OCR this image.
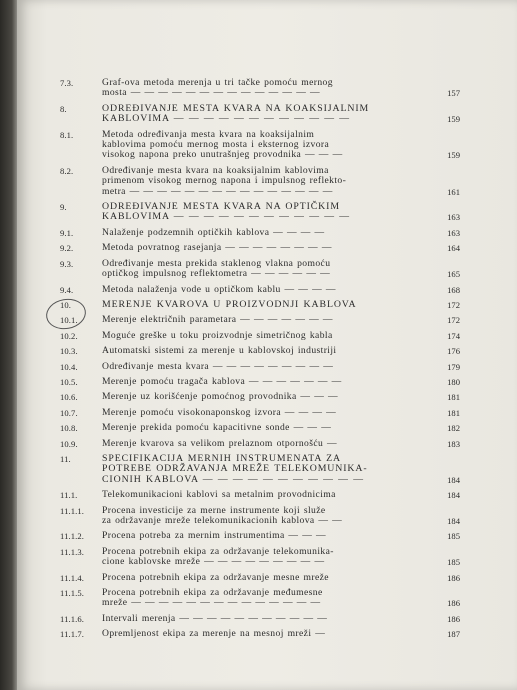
7.3.	Graf-ova metoda merenja u tri tačke pomoću mernog
mosta — — — — — — — — — — — — — —	157
8.	ODREĐIVANJE MESTA KVARA NA KOAKSIJALNIM
KABLOVIMA — — — — — — — — — — — —	159
8.1.	Metoda određivanja mesta kvara na koaksijalnim
kablovima pomoću mernog mosta i eksternog izvora
visokog napona preko unutrašnjeg provodnika — — —	159
8.2.	Određivanje mesta kvara na koaksijalnim kablovima
primenom visokog mernog napona i impulsnog reflekto-
metra — — — — — — — — — — — — — — —	161
9.	ODREĐIVANJE MESTA KVARA NA OPTIČKIM
KABLOVIMA — — — — — — — — — — — —	163
9.1.	Nalaženje podzemnih optičkih kablova — — — —	163
9.2.	Metoda povratnog rasejanja — — — — — — — —	164
9.3.	Određivanje mesta prekida staklenog vlakna pomoću
optičkog impulsnog reflektometra — — — — — —	165
9.4.	Metoda nalaženja vode u optičkom kablu — — — —	168
10.	MERENJE KVAROVA U PROIZVODNJI KABLOVA	172
10.1.	Merenje električnih parametara — — — — — — —	172
10.2.	Moguće greške u toku proizvodnje simetričnog kabla	174
10.3.	Automatski sistemi za merenje u kablovskoj industriji	176
10.4.	Određivanje mesta kvara — — — — — — — — —	179
10.5.	Merenje pomoću tragača kablova — — — — — — —	180
10.6.	Merenje uz korišćenje pomoćnog provodnika — — —	181
10.7.	Merenje pomoću visokonaponskog izvora — — — —	181
10.8.	Merenje prekida pomoću kapacitivne sonde — — —	182
10.9.	Merenje kvarova sa velikom prelaznom otpornošću —	183
11.	SPECIFIKACIJA MERNIH INSTRUMENATA ZA
POTREBE ODRŽAVANJA MREŽE TELEKOMUNIKA-
CIONIH KABLOVA — — — — — — — — — — —	184
11.1.	Telekomunikacioni kablovi sa metalnim provodnicima	184
11.1.1.	Procena investicije za merne instrumente koji služe
za održavanje mreže telekomunikacionih kablova — —	184
11.1.2.	Procena potreba za mernim instrumentima — — —	185
11.1.3.	Procena potrebnih ekipa za održavanje telekomunika-
cione kablovske mreže — — — — — — — — —	185
11.1.4.	Procena potrebnih ekipa za održavanje mesne mreže	186
11.1.5.	Procena potrebnih ekipa za održavanje međumesne
mreže — — — — — — — — — — — — — —	186
11.1.6.	Intervali merenja — — — — — — — — — — —	186
11.1.7.	Opremljenost ekipa za merenje na mesnoj mreži —	187
